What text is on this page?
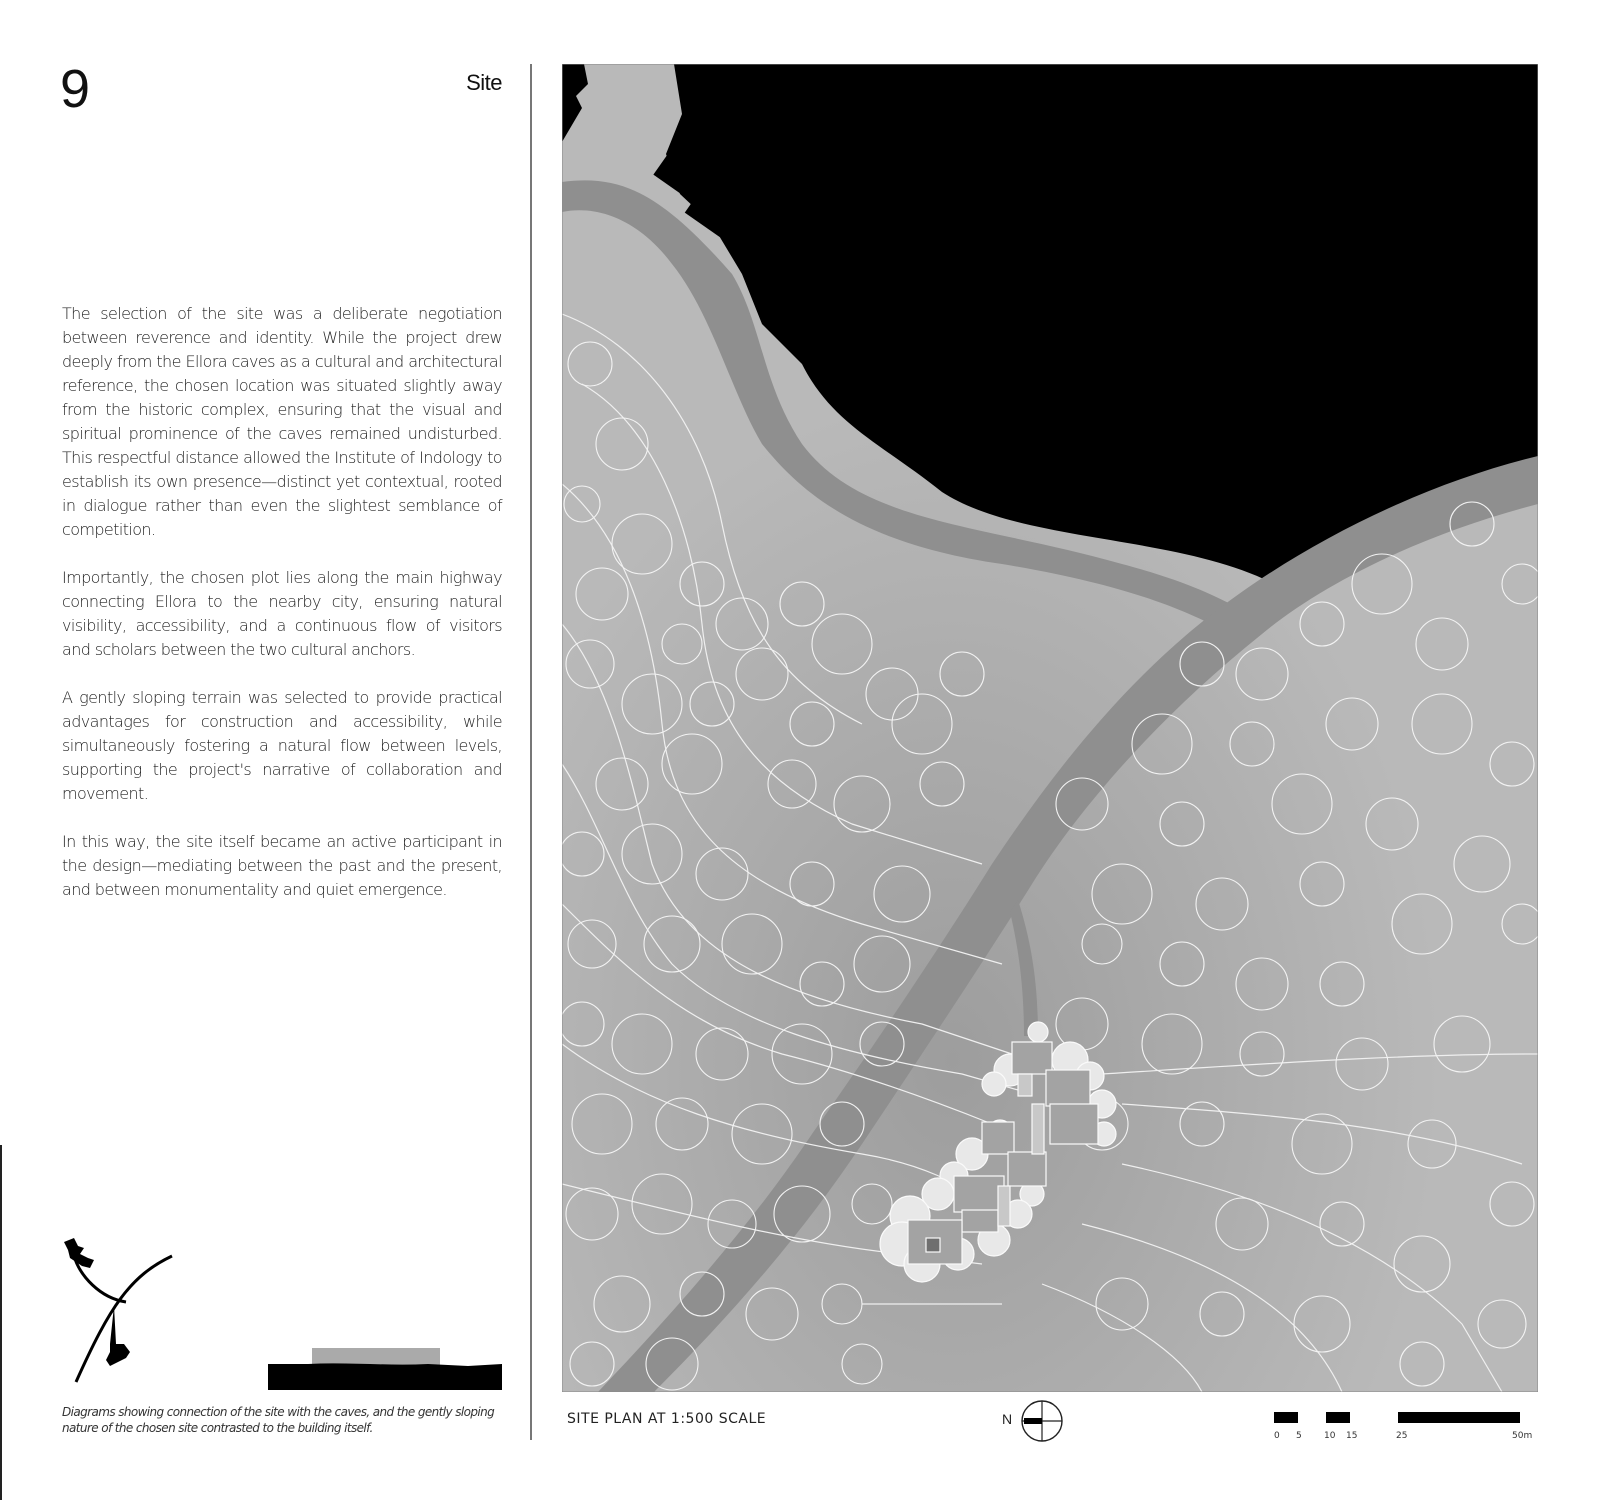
9	Site

The selection of the site was a deliberate negotiation between reverence and identity. While the project drew deeply from the Ellora caves as a cultural and architectural reference, the chosen location was situated slightly away from the historic complex, ensuring that the visual and spiritual prominence of the caves remained undisturbed. This respectful distance allowed the Institute of Indology to establish its own presence—distinct yet contextual, rooted in dialogue rather than even the slightest semblance of competition.

Importantly, the chosen plot lies along the main highway connecting Ellora to the nearby city, ensuring natural visibility, accessibility, and a continuous flow of visitors and scholars between the two cultural anchors.

A gently sloping terrain was selected to provide practical advantages for construction and accessibility, while simultaneously fostering a natural flow between levels, supporting the project's narrative of collaboration and movement.

In this way, the site itself became an active participant in the design—mediating between the past and the present, and between monumentality and quiet emergence.

Diagrams showing connection of the site with the caves, and the gently sloping nature of the chosen site contrasted to the building itself.
SITE PLAN AT 1:500 SCALE	N
0 5 10 15	25	50m
